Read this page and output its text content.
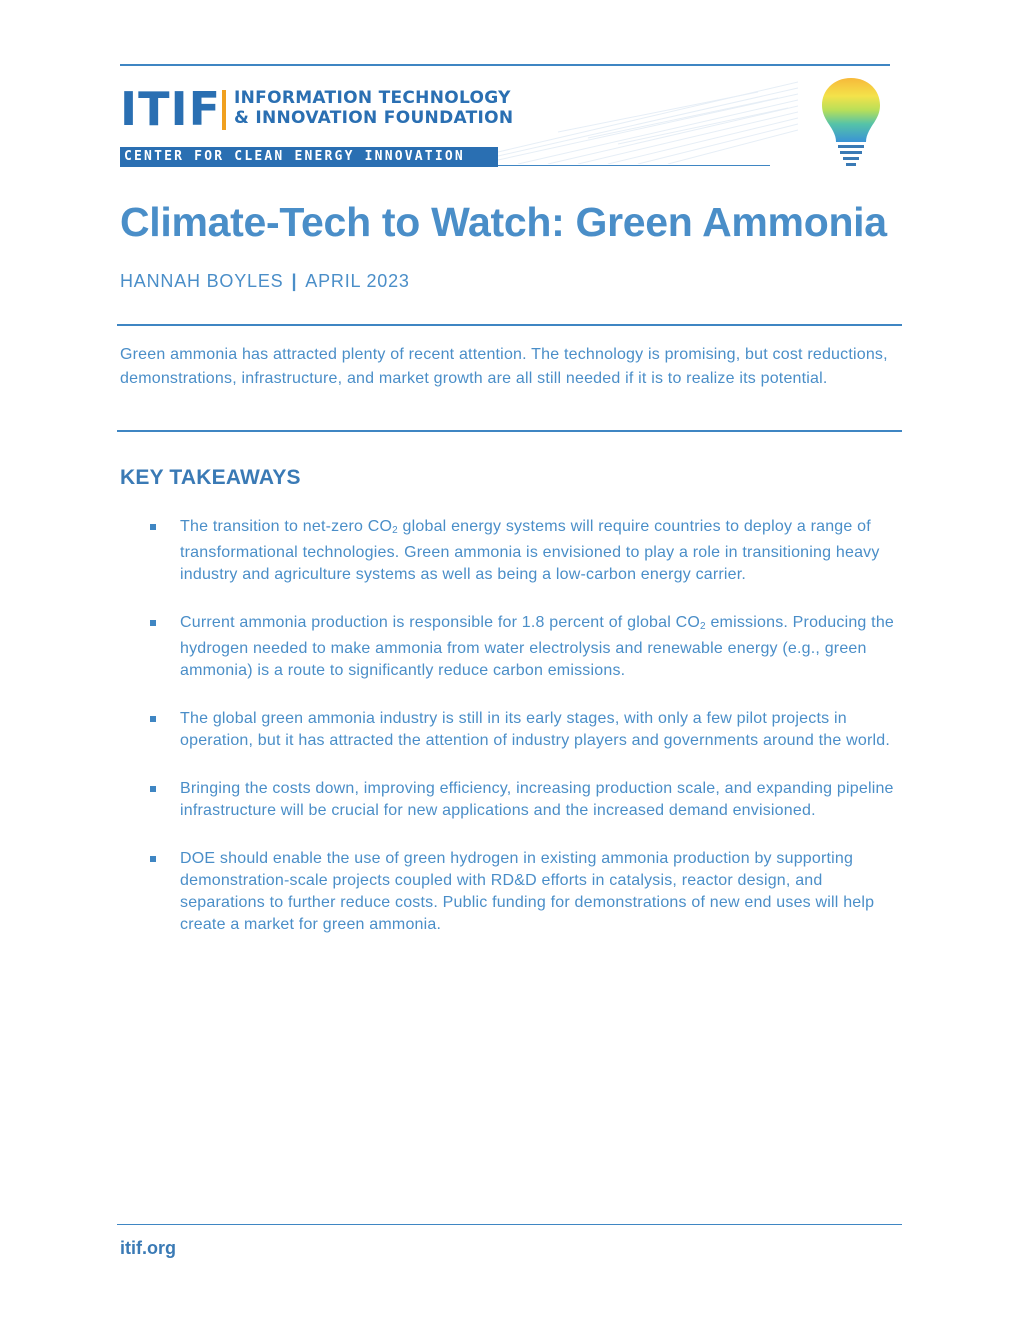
ITIF INFORMATION TECHNOLOGY
& INNOVATION FOUNDATION
CENTER FOR CLEAN ENERGY INNOVATION
Climate-Tech to Watch: Green Ammonia
HANNAH BOYLES | APRIL 2023

Green ammonia has attracted plenty of recent attention. The technology is promising, but cost reductions, demonstrations, infrastructure, and market growth are all still needed if it is to realize its potential.

KEY TAKEAWAYS
The transition to net-zero $CO_2$ global energy systems will require countries to deploy a range of transformational technologies. Green ammonia is envisioned to play a role in transitioning heavy industry and agriculture systems as well as being a low-carbon energy carrier.
Current ammonia production is responsible for 1.8 percent of global $CO_2$ emissions. Producing the hydrogen needed to make ammonia from water electrolysis and renewable energy (e.g., green ammonia) is a route to significantly reduce carbon emissions.
The global green ammonia industry is still in its early stages, with only a few pilot projects in operation, but it has attracted the attention of industry players and governments around the world.
Bringing the costs down, improving efficiency, increasing production scale, and expanding pipeline infrastructure will be crucial for new applications and the increased demand envisioned.
DOE should enable the use of green hydrogen in existing ammonia production by supporting demonstration-scale projects coupled with RD&D efforts in catalysis, reactor design, and separations to further reduce costs. Public funding for demonstrations of new end uses will help create a market for green ammonia.
itif.org
